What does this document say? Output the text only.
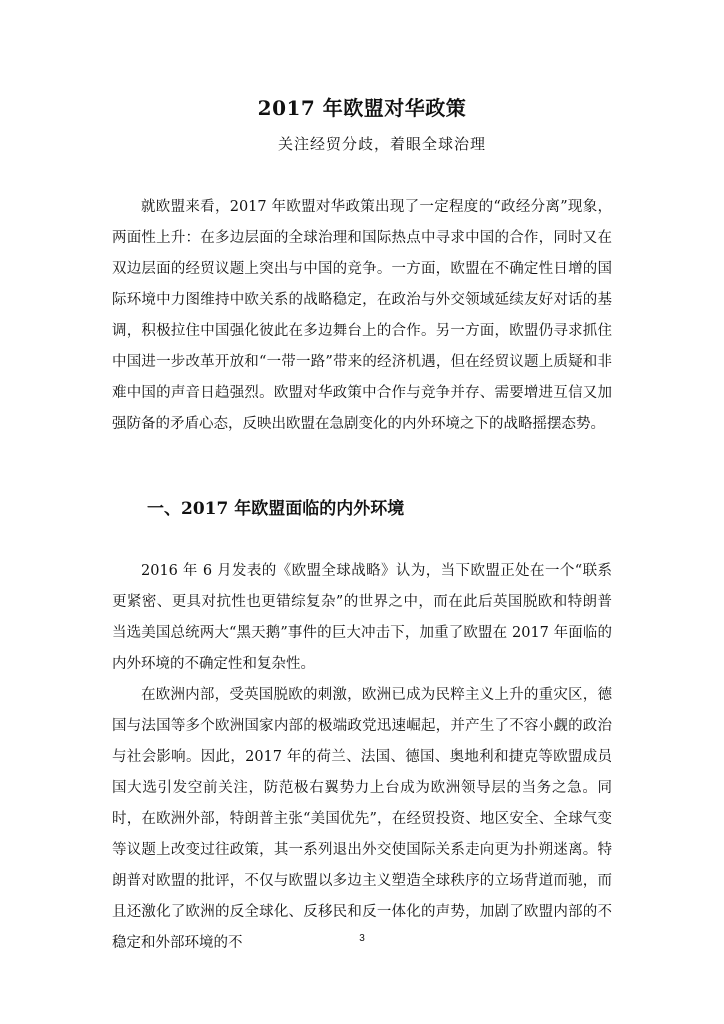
2017 年欧盟对华政策
关注经贸分歧，着眼全球治理

就欧盟来看，2017 年欧盟对华政策出现了一定程度的“政经分离”现象，两面性上升：在多边层面的全球治理和国际热点中寻求中国的合作，同时又在双边层面的经贸议题上突出与中国的竞争。一方面，欧盟在不确定性日增的国际环境中力图维持中欧关系的战略稳定，在政治与外交领域延续友好对话的基调，积极拉住中国强化彼此在多边舞台上的合作。另一方面，欧盟仍寻求抓住中国进一步改革开放和“一带一路”带来的经济机遇，但在经贸议题上质疑和非难中国的声音日趋强烈。欧盟对华政策中合作与竞争并存、需要增进互信又加强防备的矛盾心态，反映出欧盟在急剧变化的内外环境之下的战略摇摆态势。

一、2017 年欧盟面临的内外环境

2016 年 6 月发表的《欧盟全球战略》认为，当下欧盟正处在一个“联系更紧密、更具对抗性也更错综复杂”的世界之中，而在此后英国脱欧和特朗普当选美国总统两大“黑天鹅”事件的巨大冲击下，加重了欧盟在 2017 年面临的内外环境的不确定性和复杂性。

在欧洲内部，受英国脱欧的刺激，欧洲已成为民粹主义上升的重灾区，德国与法国等多个欧洲国家内部的极端政党迅速崛起，并产生了不容小觑的政治与社会影响。因此，2017 年的荷兰、法国、德国、奥地利和捷克等欧盟成员国大选引发空前关注，防范极右翼势力上台成为欧洲领导层的当务之急。同时，在欧洲外部，特朗普主张“美国优先”，在经贸投资、地区安全、全球气变等议题上改变过往政策，其一系列退出外交使国际关系走向更为扑朔迷离。特朗普对欧盟的批评，不仅与欧盟以多边主义塑造全球秩序的立场背道而驰，而且还激化了欧洲的反全球化、反移民和反一体化的声势，加剧了欧盟内部的不稳定和外部环境的不	3
